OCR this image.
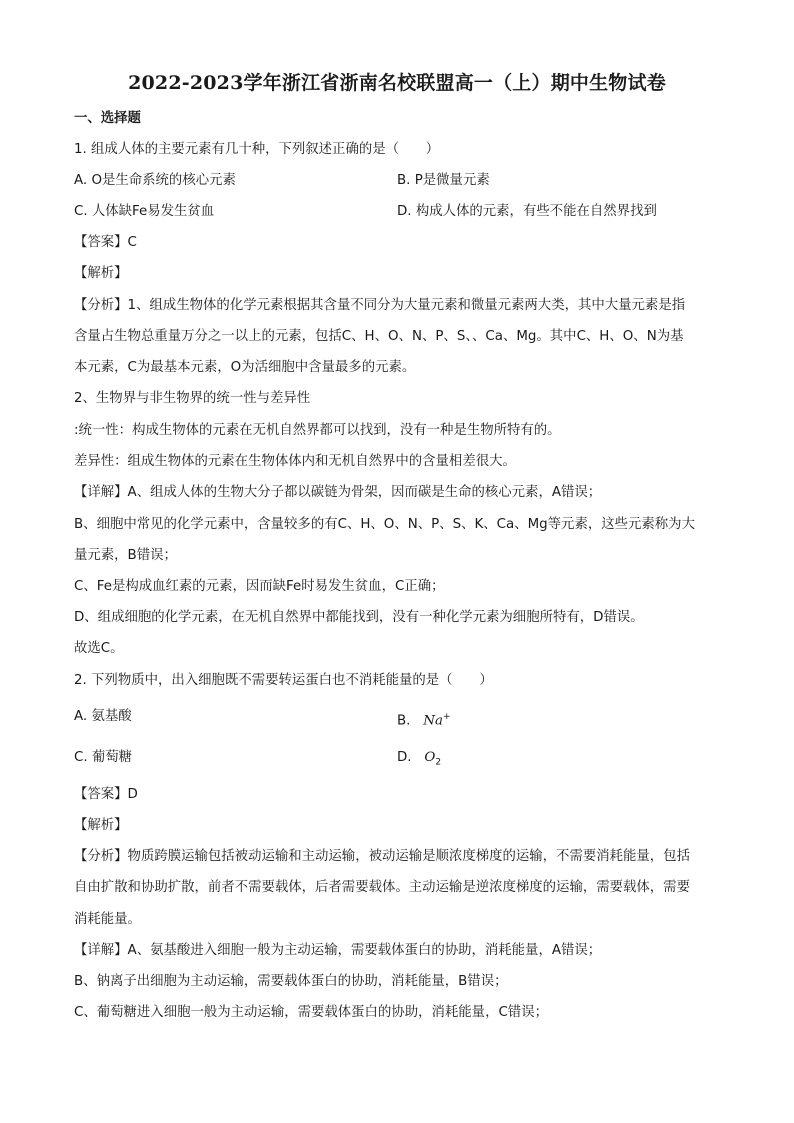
2022-2023学年浙江省浙南名校联盟高一（上）期中生物试卷
一、选择题
1. 组成人体的主要元素有几十种，下列叙述正确的是（　　）
A. O是生命系统的核心元素	B. P是微量元素
C. 人体缺Fe易发生贫血	D. 构成人体的元素，有些不能在自然界找到
【答案】C
【解析】
【分析】1、组成生物体的化学元素根据其含量不同分为大量元素和微量元素两大类，其中大量元素是指
含量占生物总重量万分之一以上的元素，包括C、H、O、N、P、S、、Ca、Mg。其中C、H、O、N为基
本元素，C为最基本元素，O为活细胞中含量最多的元素。
2、生物界与非生物界的统一性与差异性
:统一性：构成生物体的元素在无机自然界都可以找到，没有一种是生物所特有的。
差异性：组成生物体的元素在生物体体内和无机自然界中的含量相差很大。
【详解】A、组成人体的生物大分子都以碳链为骨架，因而碳是生命的核心元素，A错误；
B、细胞中常见的化学元素中，含量较多的有C、H、O、N、P、S、K、Ca、Mg等元素，这些元素称为大
量元素，B错误；
C、Fe是构成血红素的元素，因而缺Fe时易发生贫血，C正确；
D、组成细胞的化学元素，在无机自然界中都能找到，没有一种化学元素为细胞所特有，D错误。
故选C。
2. 下列物质中，出入细胞既不需要转运蛋白也不消耗能量的是（　　）
A. 氨基酸	B. Na+
C. 葡萄糖	D. $O_2$
【答案】D
【解析】
【分析】物质跨膜运输包括被动运输和主动运输，被动运输是顺浓度梯度的运输，不需要消耗能量，包括
自由扩散和协助扩散，前者不需要载体，后者需要载体。主动运输是逆浓度梯度的运输，需要载体，需要
消耗能量。
【详解】A、氨基酸进入细胞一般为主动运输，需要载体蛋白的协助，消耗能量，A错误；
B、钠离子出细胞为主动运输，需要载体蛋白的协助，消耗能量，B错误；
C、葡萄糖进入细胞一般为主动运输，需要载体蛋白的协助，消耗能量，C错误；
